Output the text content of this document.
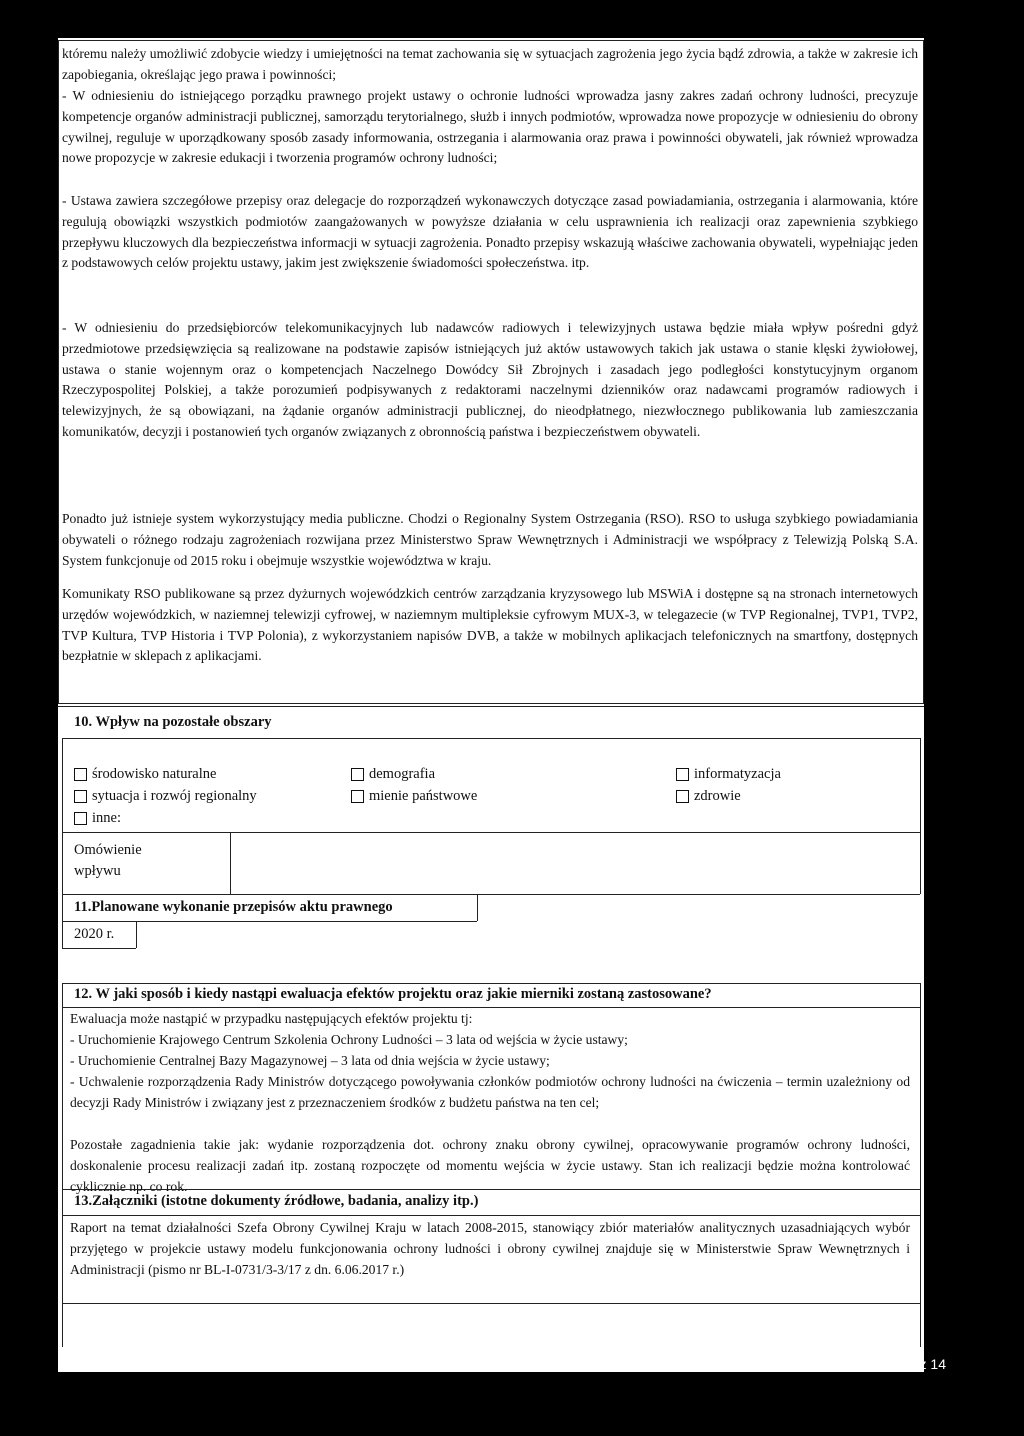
któremu należy umożliwić zdobycie wiedzy i umiejętności na temat zachowania się w sytuacjach zagrożenia jego życia bądź zdrowia, a także w zakresie ich zapobiegania, określając jego prawa i powinności;

- W odniesieniu do istniejącego porządku prawnego projekt ustawy o ochronie ludności wprowadza jasny zakres zadań ochrony ludności, precyzuje kompetencje organów administracji publicznej, samorządu terytorialnego, służb i innych podmiotów, wprowadza nowe propozycje w odniesieniu do obrony cywilnej, reguluje w uporządkowany sposób zasady informowania, ostrzegania i alarmowania oraz prawa i powinności obywateli, jak również wprowadza nowe propozycje w zakresie edukacji i tworzenia programów ochrony ludności;

- Ustawa zawiera szczegółowe przepisy oraz delegacje do rozporządzeń wykonawczych dotyczące zasad powiadamiania, ostrzegania i alarmowania, które regulują obowiązki wszystkich podmiotów zaangażowanych w powyższe działania w celu usprawnienia ich realizacji oraz zapewnienia szybkiego przepływu kluczowych dla bezpieczeństwa informacji w sytuacji zagrożenia. Ponadto przepisy wskazują właściwe zachowania obywateli, wypełniając jeden z podstawowych celów projektu ustawy, jakim jest zwiększenie świadomości społeczeństwa. itp.

- W odniesieniu do przedsiębiorców telekomunikacyjnych lub nadawców radiowych i telewizyjnych ustawa będzie miała wpływ pośredni gdyż przedmiotowe przedsięwzięcia są realizowane na podstawie zapisów istniejących już aktów ustawowych takich jak ustawa o stanie klęski żywiołowej, ustawa o stanie wojennym oraz o kompetencjach Naczelnego Dowódcy Sił Zbrojnych i zasadach jego podległości konstytucyjnym organom Rzeczypospolitej Polskiej, a także porozumień podpisywanych z redaktorami naczelnymi dzienników oraz nadawcami programów radiowych i telewizyjnych, że są obowiązani, na żądanie organów administracji publicznej, do nieodpłatnego, niezwłocznego publikowania lub zamieszczania komunikatów, decyzji i postanowień tych organów związanych z obronnością państwa i bezpieczeństwem obywateli.

Ponadto już istnieje system wykorzystujący media publiczne. Chodzi o Regionalny System Ostrzegania (RSO). RSO to usługa szybkiego powiadamiania obywateli o różnego rodzaju zagrożeniach rozwijana przez Ministerstwo Spraw Wewnętrznych i Administracji we współpracy z Telewizją Polską S.A. System funkcjonuje od 2015 roku i obejmuje wszystkie województwa w kraju.

Komunikaty RSO publikowane są przez dyżurnych wojewódzkich centrów zarządzania kryzysowego lub MSWiA i dostępne są na stronach internetowych urzędów wojewódzkich, w naziemnej telewizji cyfrowej, w naziemnym multipleksie cyfrowym MUX-3, w telegazecie (w TVP Regionalnej, TVP1, TVP2, TVP Kultura, TVP Historia i TVP Polonia), z wykorzystaniem napisów DVB, a także w mobilnych aplikacjach telefonicznych na smartfony, dostępnych bezpłatnie w sklepach z aplikacjami.

10. Wpływ na pozostałe obszary
środowisko naturalne
sytuacja i rozwój regionalny
inne:
demografia
mienie państwowe
informatyzacja
zdrowie
Omówienie
wpływu
11.Planowane wykonanie przepisów aktu prawnego
2020 r.
12. W jaki sposób i kiedy nastąpi ewaluacja efektów projektu oraz jakie mierniki zostaną zastosowane?

Ewaluacja może nastąpić w przypadku następujących efektów projektu tj:

- Uruchomienie Krajowego Centrum Szkolenia Ochrony Ludności – 3 lata od wejścia w życie ustawy;

- Uruchomienie Centralnej Bazy Magazynowej – 3 lata od dnia wejścia w życie ustawy;

- Uchwalenie rozporządzenia Rady Ministrów dotyczącego powoływania członków podmiotów ochrony ludności na ćwiczenia – termin uzależniony od decyzji Rady Ministrów i związany jest z przeznaczeniem środków z budżetu państwa na ten cel;

Pozostałe zagadnienia takie jak: wydanie rozporządzenia dot. ochrony znaku obrony cywilnej, opracowywanie programów ochrony ludności, doskonalenie procesu realizacji zadań itp. zostaną rozpoczęte od momentu wejścia w życie ustawy. Stan ich realizacji będzie można kontrolować cyklicznie np. co rok.

13.Załączniki (istotne dokumenty źródłowe, badania, analizy itp.)

Raport na temat działalności Szefa Obrony Cywilnej Kraju w latach 2008-2015, stanowiący zbiór materiałów analitycznych uzasadniających wybór przyjętego w projekcie ustawy modelu funkcjonowania ochrony ludności i obrony cywilnej znajduje się w Ministerstwie Spraw Wewnętrznych i Administracji (pismo nr BL-I-0731/3-3/17 z dn. 6.06.2017 r.)

Strona 14 z 14
